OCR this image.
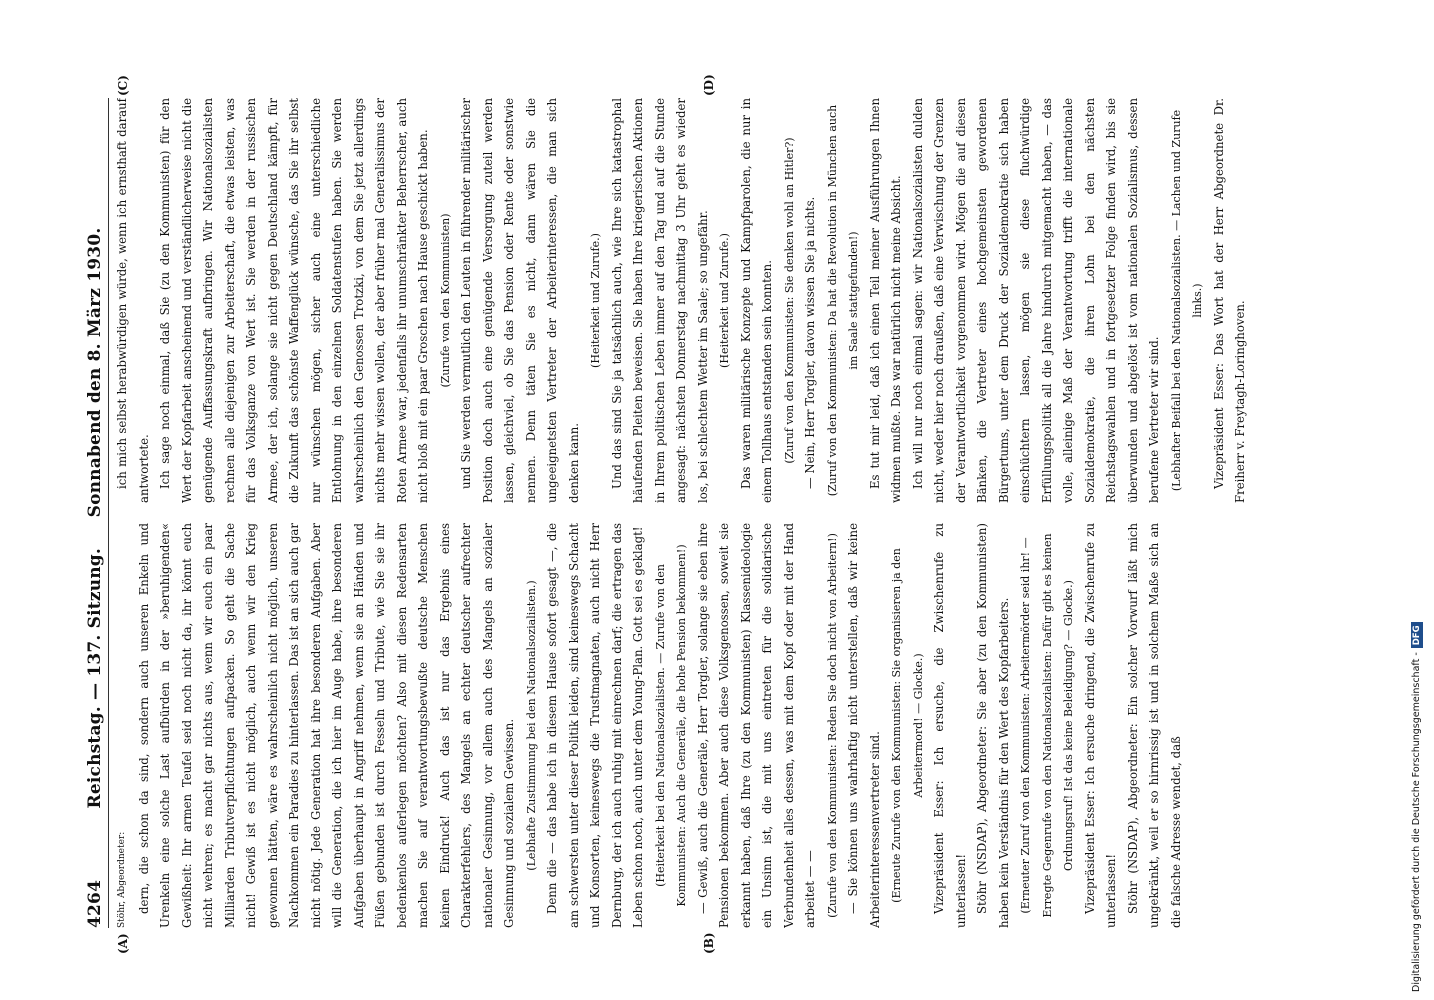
4264
Reichstag. — 137. Sitzung.     Sonnabend den 8. März 1930.

Stöhr, Abgeordneter: dern, die schon da sind, sondern auch unseren Enkeln und Urenkeln eine solche Last aufbürden in der »beruhigenden« Gewißheit: Ihr armen Teufel seid noch nicht da, ihr könnt euch nicht wehren; es macht gar nichts aus, wenn wir euch ein paar Milliarden Tributverpflichtungen aufpacken. So geht die Sache nicht! Gewiß ist es nicht möglich, auch wenn wir den Krieg gewonnen hätten, wäre es wahrscheinlich nicht möglich, unseren Nachkommen ein Paradies zu hinterlassen. Das ist an sich auch gar nicht nötig. Jede Generation hat ihre besonderen Aufgaben. Aber will die Generation, die ich hier im Auge habe, ihre besonderen Aufgaben überhaupt in Angriff nehmen, wenn sie an Händen und Füßen gebunden ist durch Fesseln und Tribute, wie Sie sie ihr bedenkenlos auferlegen möchten? Also mit diesen Redensarten machen Sie auf verantwortungsbewußte deutsche Menschen keinen Eindruck! Auch das ist nur das Ergebnis eines Charakterfehlers, des Mangels an echter deutscher aufrechter nationaler Gesinnung, vor allem auch des Mangels an sozialer Gesinnung und sozialem Gewissen. (Lebhafte Zustimmung bei den Nationalsozialisten.) Denn die — das habe ich in diesem Hause sofort gesagt —, die am schwersten unter dieser Politik leiden, sind keineswegs Schacht und Konsorten, keineswegs die Trustmagnaten, auch nicht Herr Dernburg, der ich auch ruhig mit einrechnen darf; die ertragen das Leben schon noch, auch unter dem Young-Plan. Gott sei es geklagt! (Heiterkeit bei den Nationalsozialisten. — Zurufe von den Kommunisten: Auch die Generäle, die hohe Pension bekommen!) — Gewiß, auch die Generäle, Herr Torgler, solange sie eben ihre Pensionen bekommen. Aber auch diese Volksgenossen, soweit sie erkannt haben, daß Ihre (zu den Kommunisten) Klassenideologie ein Unsinn ist, die mit uns eintreten für die solidarische Verbundenheit alles dessen, was mit dem Kopf oder mit der Hand arbeitet — — (Zurufe von den Kommunisten: Reden Sie doch nicht von Arbeitern!) — Sie können uns wahrhaftig nicht unterstellen, daß wir keine Arbeiterinteressenvertreter sind. (Erneute Zurufe von den Kommunisten: Sie organisieren ja den Arbeitermord! — Glocke.) Vizepräsident Esser: Ich ersuche, die Zwischenrufe zu unterlassen! Stöhr (NSDAP), Abgeordneter: Sie aber (zu den Kommunisten) haben kein Verständnis für den Wert des Kopfarbeiters. (Erneuter Zuruf von den Kommunisten: Arbeitermörder seid ihr! — Erregte Gegenrufe von den Nationalsozialisten: Dafür gibt es keinen Ordnungsruf! Ist das keine Beleidigung? — Glocke.) Vizepräsident Esser: Ich ersuche dringend, die Zwischenrufe zu unterlassen! Stöhr (NSDAP), Abgeordneter: Ein solcher Vorwurf läßt mich ungekränkt, weil er so hirnrissig ist und in solchem Maße sich an die falsche Adresse wendet, daß

ich mich selbst herabwürdigen würde, wenn ich ernsthaft darauf antwortete. Ich sage noch einmal, daß Sie (zu den Kommunisten) für den Wert der Kopfarbeit anscheinend und verständlicherweise nicht die genügende Auffassungskraft aufbringen. Wir Nationalsozialisten rechnen alle diejenigen zur Arbeiterschaft, die etwas leisten, was für das Volksganze von Wert ist. Sie werden in der russischen Armee, der ich, solange sie nicht gegen Deutschland kämpft, für die Zukunft das schönste Waffenglück wünsche, das Sie ihr selbst nur wünschen mögen, sicher auch eine unterschiedliche Entlohnung in den einzelnen Soldatenstufen haben. Sie werden wahrscheinlich den Genossen Trotzki, von dem Sie jetzt allerdings nichts mehr wissen wollen, der aber früher mal Generalissimus der Roten Armee war, jedenfalls ihr unumschränkter Beherrscher, auch nicht bloß mit ein paar Groschen nach Hause geschickt haben. (Zurufe von den Kommunisten) und Sie werden vermutlich den Leuten in führender militärischer Position doch auch eine genügende Versorgung zuteil werden lassen, gleichviel, ob Sie das Pension oder Rente oder sonstwie nennen. Denn täten Sie es nicht, dann wären Sie die ungeeignetsten Vertreter der Arbeiterinteressen, die man sich denken kann.

(Heiterkeit und Zurufe.) Und das sind Sie ja tatsächlich auch, wie Ihre sich katastrophal häufenden Pleiten beweisen. Sie haben Ihre kriegerischen Aktionen in Ihrem politischen Leben immer auf den Tag und auf die Stunde angesagt: nächsten Donnerstag nachmittag 3 Uhr geht es wieder los, bei schlechtem Wetter im Saale; so ungefähr. (Heiterkeit und Zurufe.) Das waren militärische Konzepte und Kampfparolen, die nur in einem Tollhaus entstanden sein konnten. (Zuruf von den Kommunisten: Sie denken wohl an Hitler?) — Nein, Herr Torgler, davon wissen Sie ja nichts. (Zuruf von den Kommunisten: Da hat die Revolution in München auch im Saale stattgefunden!) Es tut mir leid, daß ich einen Teil meiner Ausführungen Ihnen widmen mußte. Das war natürlich nicht meine Absicht. Ich will nur noch einmal sagen: wir Nationalsozialisten dulden nicht, weder hier noch draußen, daß eine Verwischung der Grenzen der Verantwortlichkeit vorgenommen wird. Mögen die auf diesen Bänken, die Vertreter eines hochgemeinsten gewordenen Bürgertums, unter dem Druck der Sozialdemokratie sich haben einschüchtern lassen, mögen sie diese fluchwürdige Erfüllungspolitik all die Jahre hindurch mitgemacht haben, — das volle, alleinige Maß der Verantwortung trifft die internationale Sozialdemokratie, die ihren Lohn bei den nächsten Reichstagswahlen und in fortgesetzter Folge finden wird, bis sie überwunden und abgelöst ist vom nationalen Sozialismus, dessen berufene Vertreter wir sind. (Lebhafter Beifall bei den Nationalsozialisten. — Lachen und Zurufe links.) Vizepräsident Esser: Das Wort hat der Herr Abgeordnete Dr. Freiherr v. Freytagh-Loringhoven.

(A)	(B)
(C)	(D)
Digitalisierung gefördert durch die Deutsche Forschungsgemeinschaft -DFG
